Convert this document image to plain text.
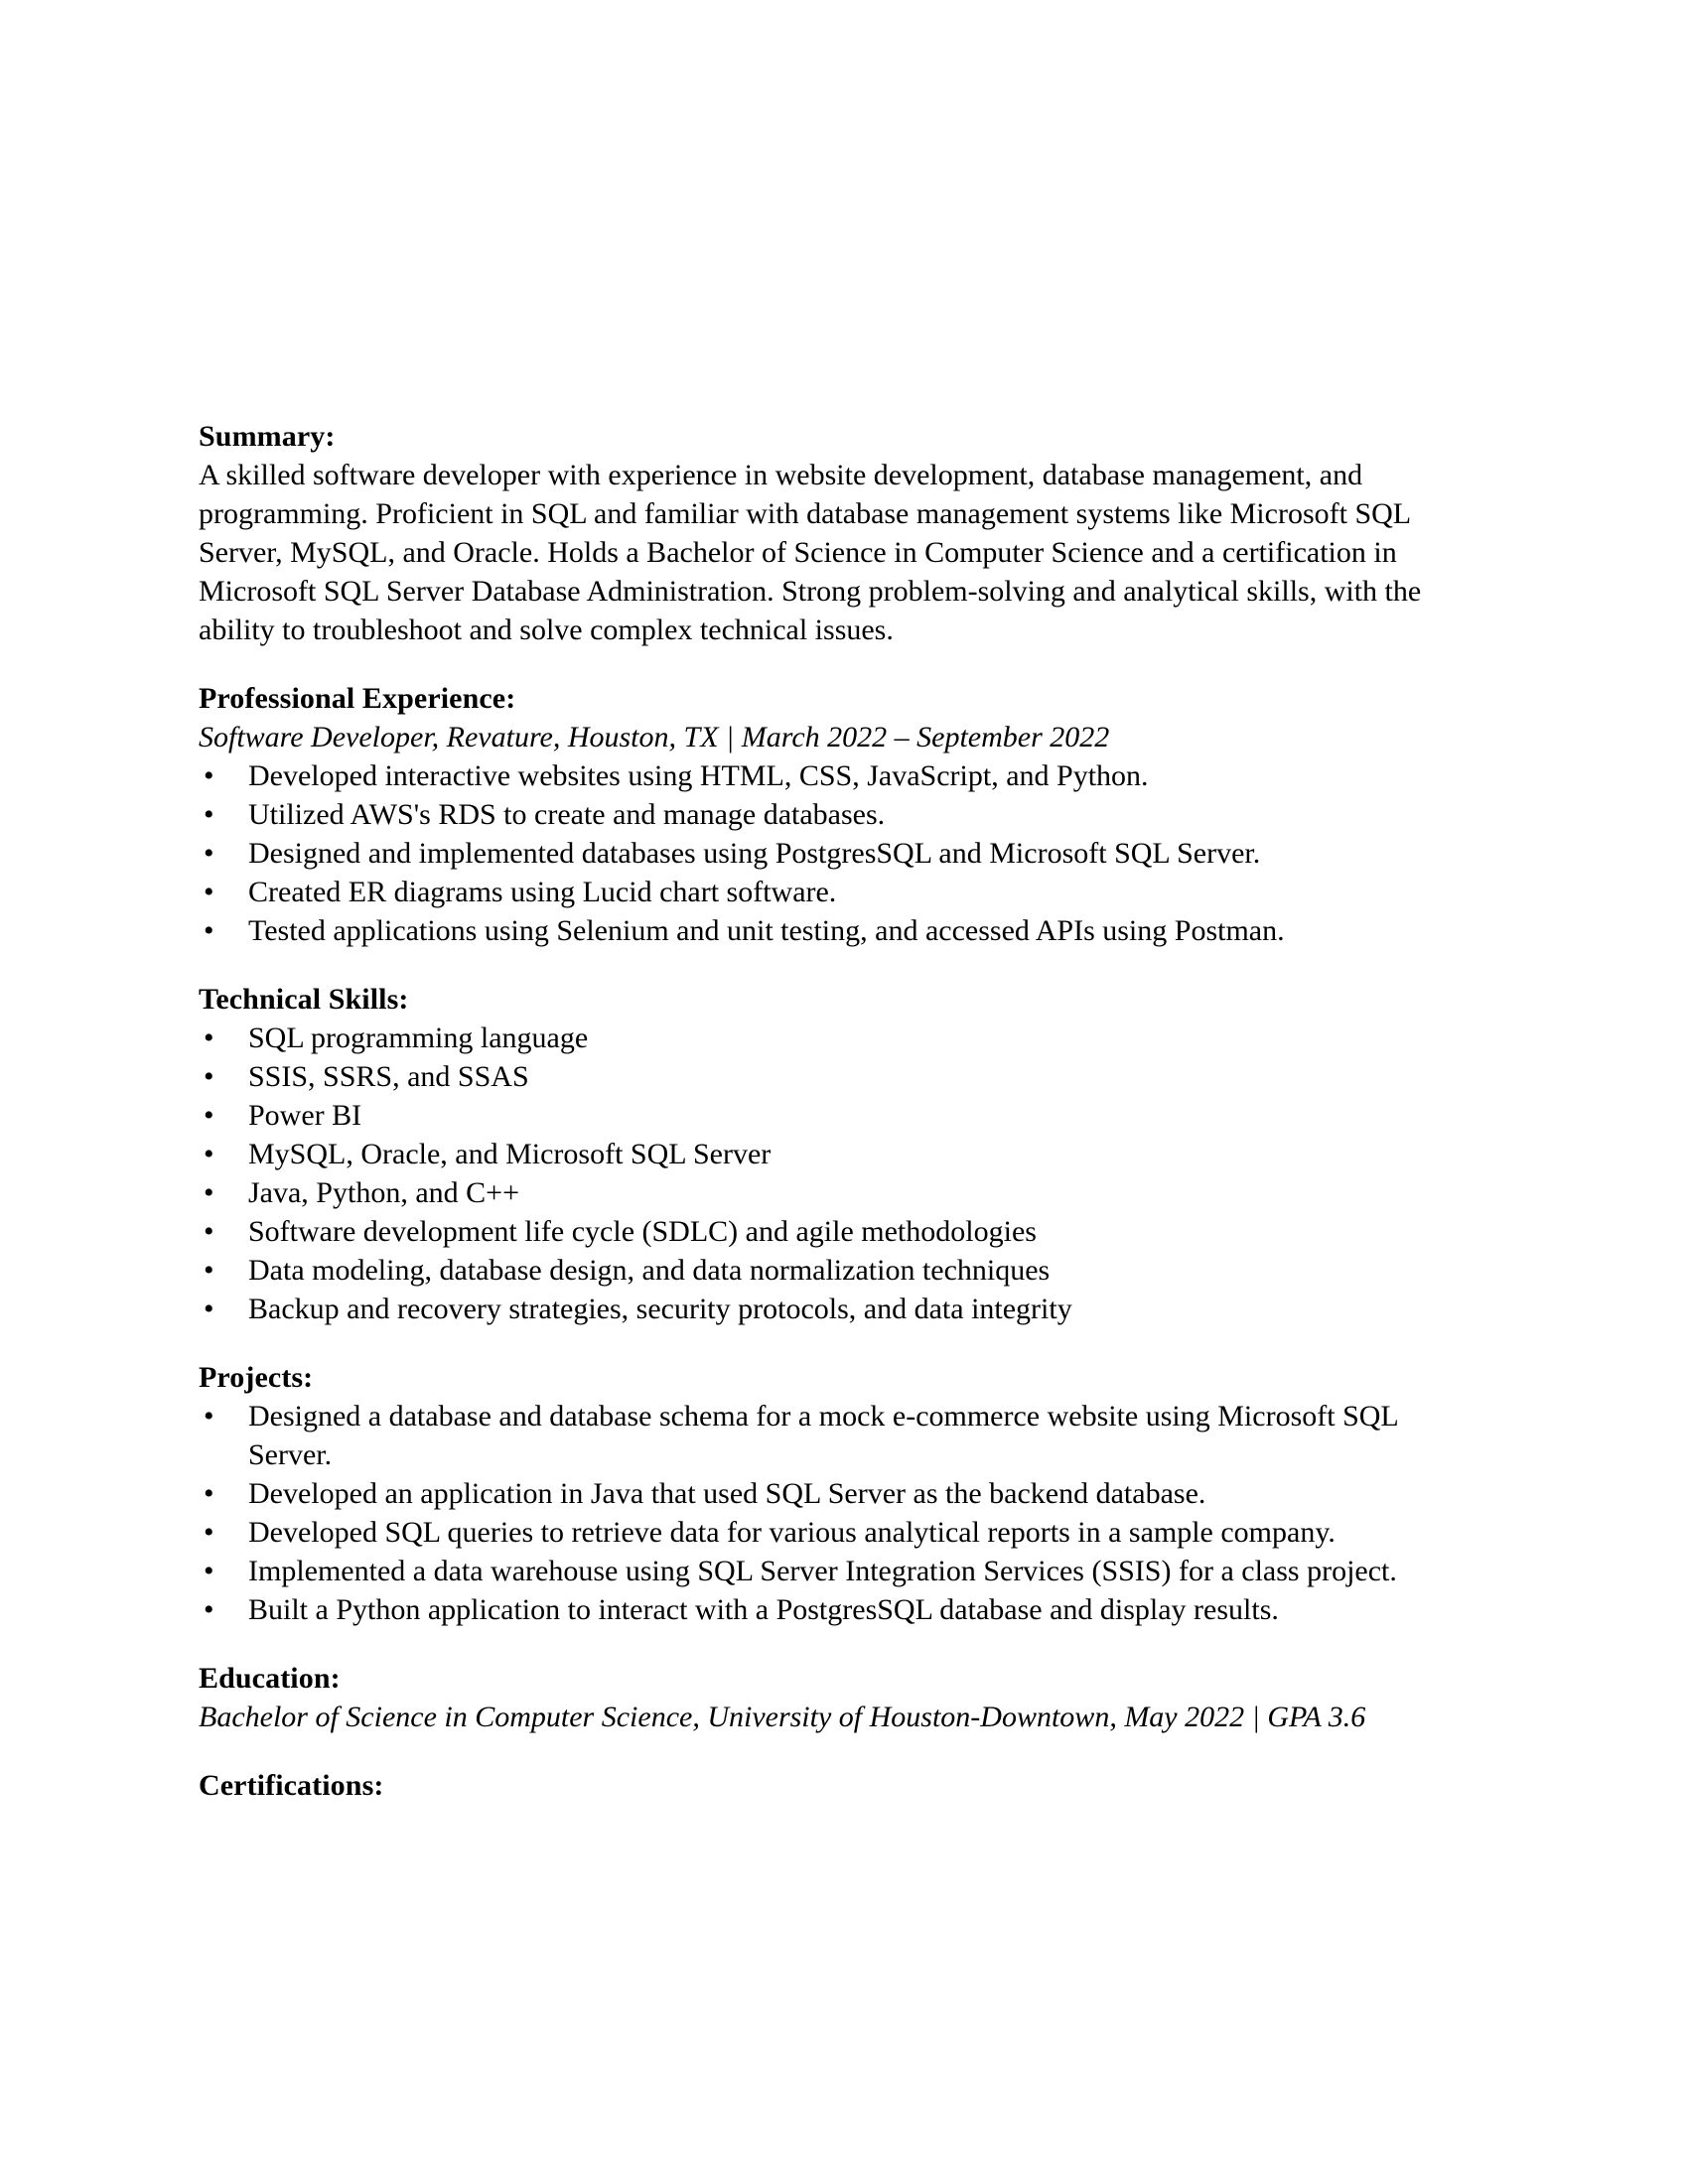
Summary:

A skilled software developer with experience in website development, database management, and programming. Proficient in SQL and familiar with database management systems like Microsoft SQL Server, MySQL, and Oracle. Holds a Bachelor of Science in Computer Science and a certification in Microsoft SQL Server Database Administration. Strong problem-solving and analytical skills, with the ability to troubleshoot and solve complex technical issues.

Professional Experience:

Software Developer, Revature, Houston, TX | March 2022 – September 2022

• Developed interactive websites using HTML, CSS, JavaScript, and Python.
• Utilized AWS's RDS to create and manage databases.
• Designed and implemented databases using PostgresSQL and Microsoft SQL Server.
• Created ER diagrams using Lucid chart software.
• Tested applications using Selenium and unit testing, and accessed APIs using Postman.

Technical Skills:

• SQL programming language
• SSIS, SSRS, and SSAS
• Power BI
• MySQL, Oracle, and Microsoft SQL Server
• Java, Python, and C++
• Software development life cycle (SDLC) and agile methodologies
• Data modeling, database design, and data normalization techniques
• Backup and recovery strategies, security protocols, and data integrity

Projects:

• Designed a database and database schema for a mock e-commerce website using Microsoft SQL Server.
• Developed an application in Java that used SQL Server as the backend database.
• Developed SQL queries to retrieve data for various analytical reports in a sample company.
• Implemented a data warehouse using SQL Server Integration Services (SSIS) for a class project.
• Built a Python application to interact with a PostgresSQL database and display results.

Education:

Bachelor of Science in Computer Science, University of Houston-Downtown, May 2022 | GPA 3.6

Certifications:
